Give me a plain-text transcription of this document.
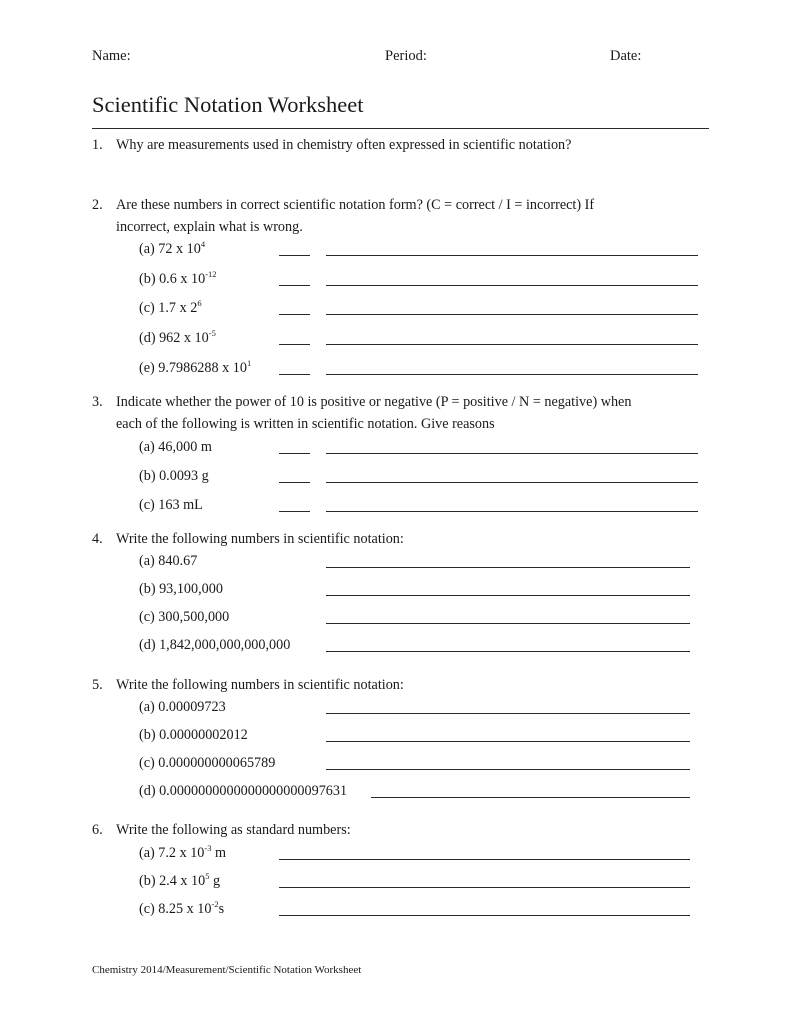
Name:	Period:	Date:
Scientific Notation Worksheet
1. Why are measurements used in chemistry often expressed in scientific notation?
2. Are these numbers in correct scientific notation form? (C = correct / I = incorrect) If
incorrect, explain what is wrong.
(a) 72 x $10^4$
(b) 0.6 x $10^{-12}$
(c) 1.7 x $2^6$
(d) 962 x $10^{-5}$
(e) 9.7986288 x $10^1$
3. Indicate whether the power of 10 is positive or negative (P = positive / N = negative) when
each of the following is written in scientific notation. Give reasons
(a) 46,000 m
(b) 0.0093 g
(c) 163 mL
4. Write the following numbers in scientific notation:
(a) 840.67
(b) 93,100,000
(c) 300,500,000
(d) 1,842,000,000,000,000
5. Write the following numbers in scientific notation:
(a) 0.00009723
(b) 0.00000002012
(c) 0.000000000065789
(d) 0.0000000000000000000097631
6. Write the following as standard numbers:
(a) 7.2 x $10^{-3}$ m
(b) 2.4 x $10^5$ g
(c) 8.25 x $10^{-2}s$
Chemistry 2014/Measurement/Scientific Notation Worksheet
